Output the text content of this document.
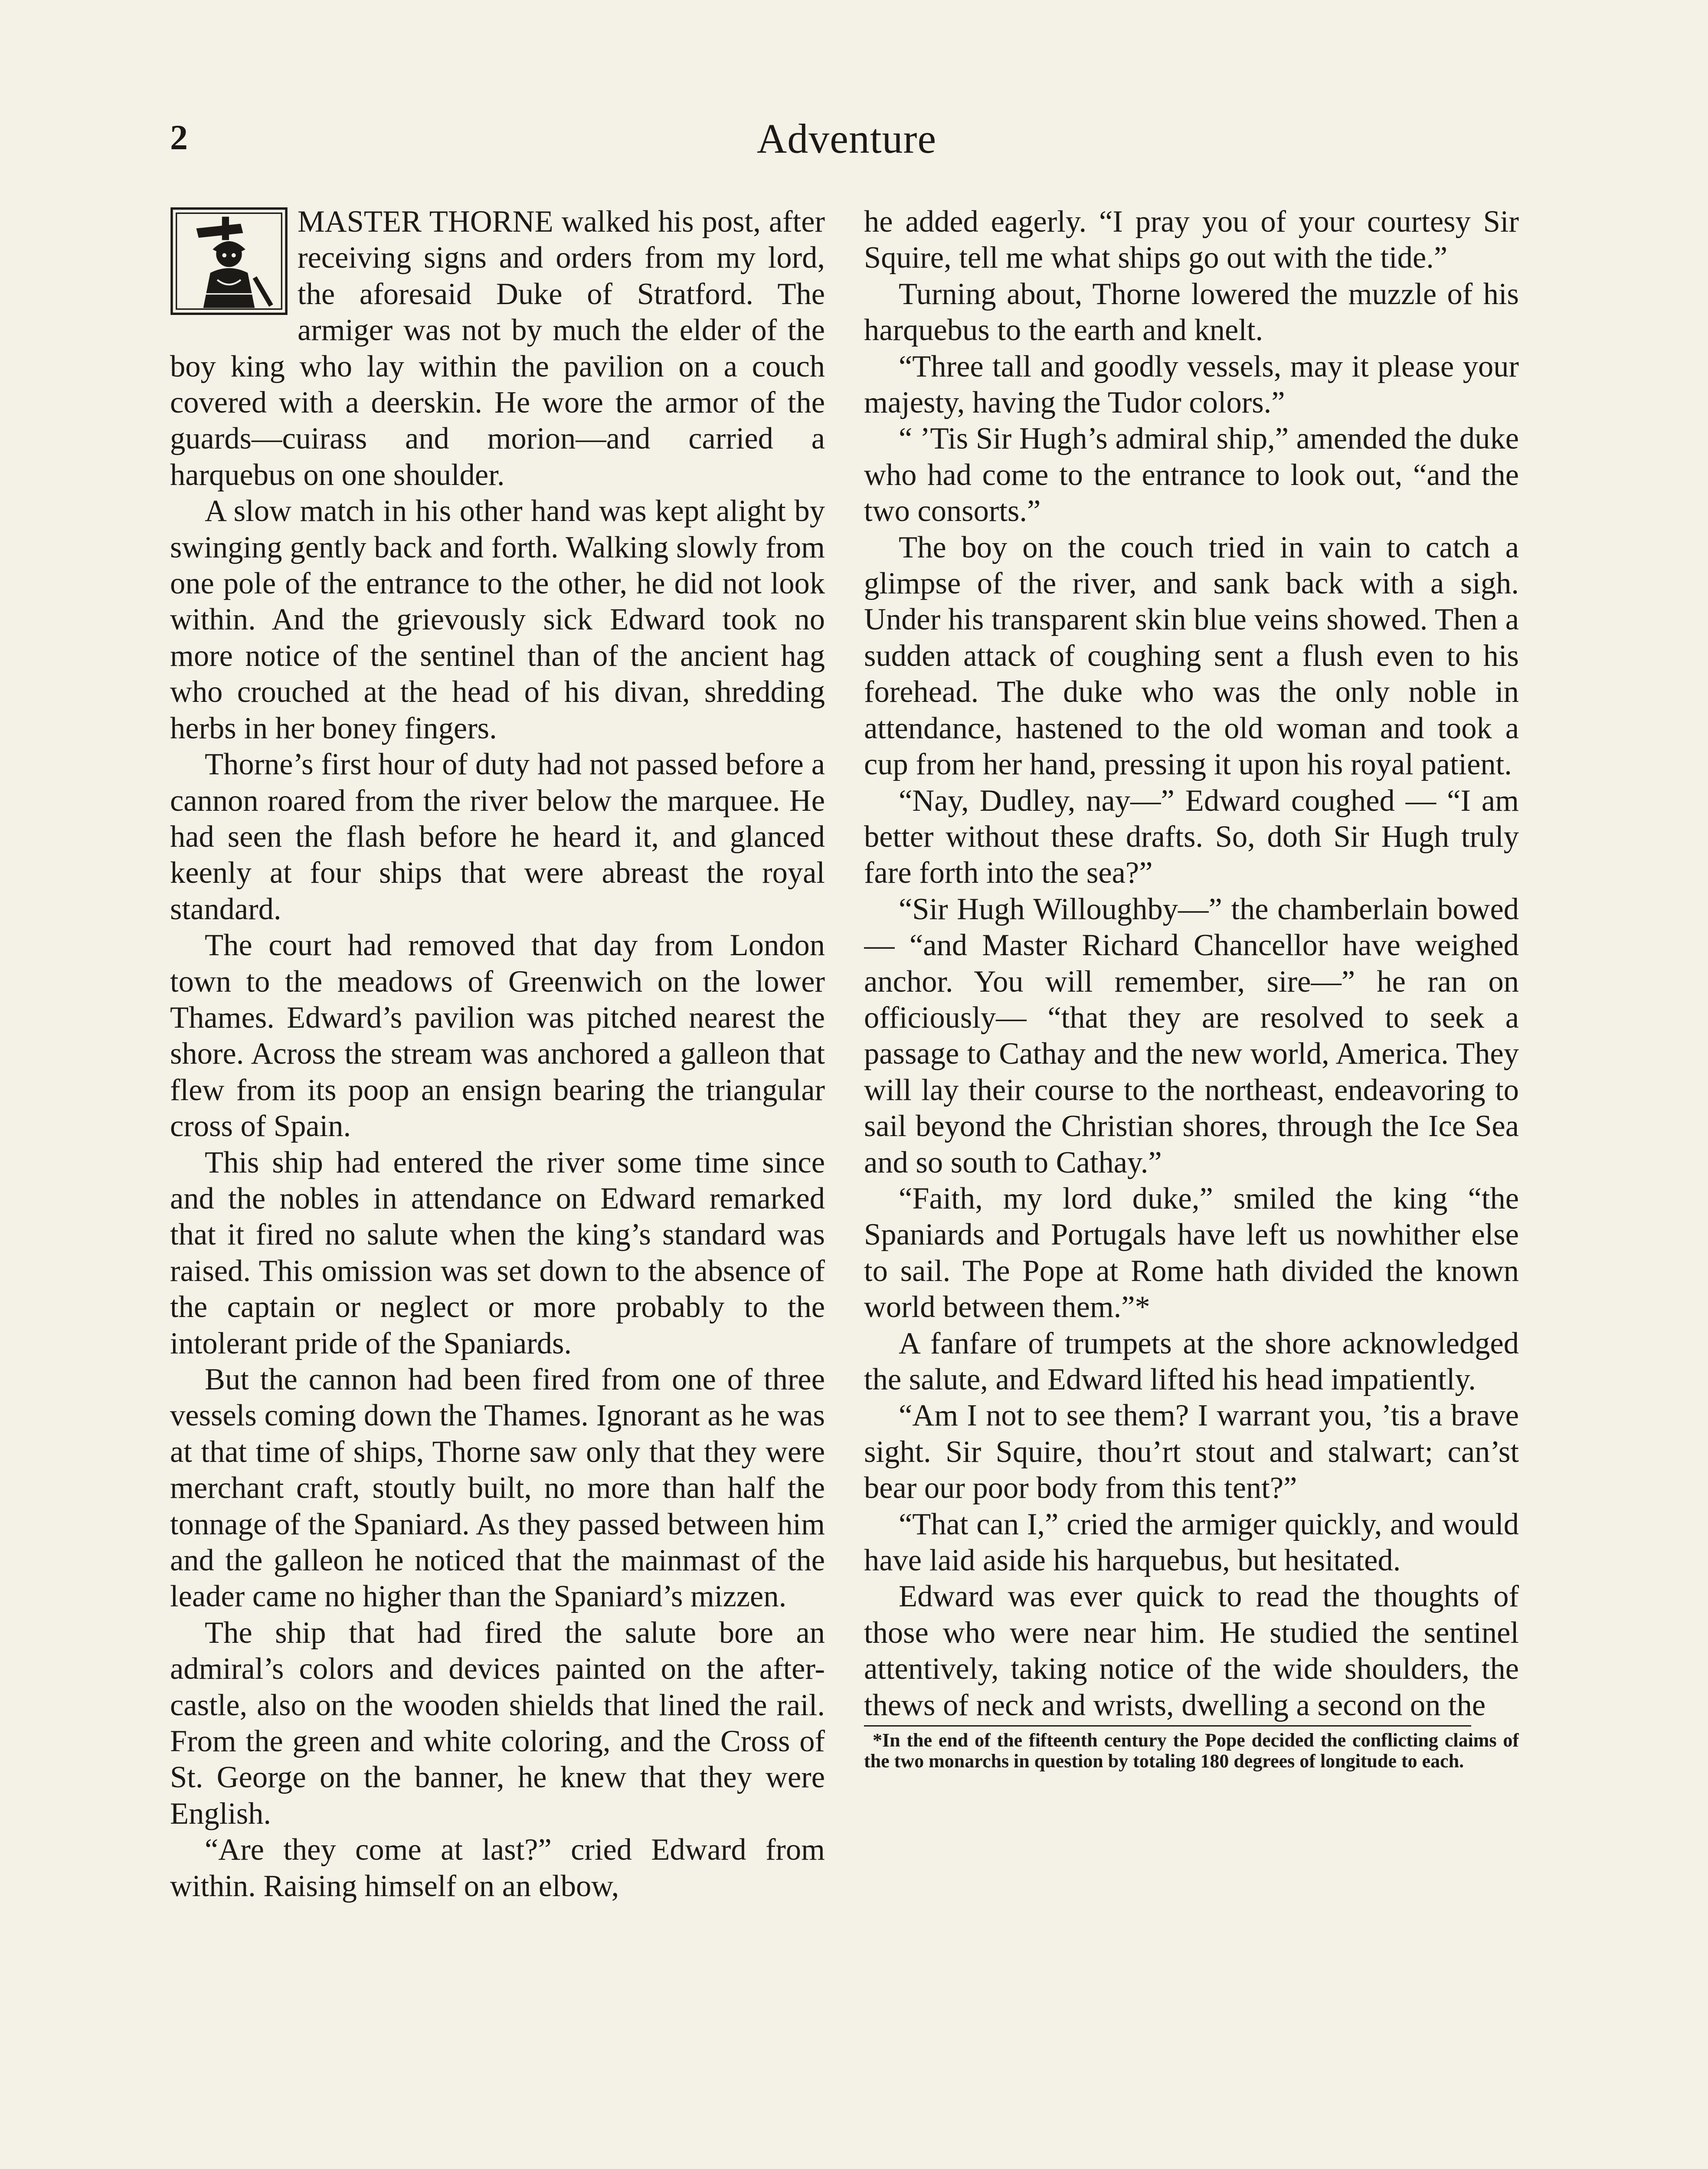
2	Adventure

MASTER THORNE walked his post, after receiving signs and orders from my lord, the aforesaid Duke of Stratford. The armiger was not by much the elder of the boy king who lay within the pavilion on a couch covered with a deerskin. He wore the armor of the guards—cuirass and morion—and carried a harquebus on one shoulder.

A slow match in his other hand was kept alight by swinging gently back and forth. Walking slowly from one pole of the entrance to the other, he did not look within. And the grievously sick Edward took no more notice of the sentinel than of the ancient hag who crouched at the head of his divan, shredding herbs in her boney fingers.

Thorne’s first hour of duty had not passed before a cannon roared from the river below the marquee. He had seen the flash before he heard it, and glanced keenly at four ships that were abreast the royal standard.

The court had removed that day from London town to the meadows of Greenwich on the lower Thames. Edward’s pavilion was pitched nearest the shore. Across the stream was anchored a galleon that flew from its poop an ensign bearing the triangular cross of Spain.

This ship had entered the river some time since and the nobles in attendance on Edward remarked that it fired no salute when the king’s standard was raised. This omission was set down to the absence of the captain or neglect or more probably to the intolerant pride of the Spaniards.

But the cannon had been fired from one of three vessels coming down the Thames. Ignorant as he was at that time of ships, Thorne saw only that they were merchant craft, stoutly built, no more than half the tonnage of the Spaniard. As they passed between him and the galleon he noticed that the mainmast of the leader came no higher than the Spaniard’s mizzen.

The ship that had fired the salute bore an admiral’s colors and devices painted on the after-castle, also on the wooden shields that lined the rail. From the green and white coloring, and the Cross of St. George on the banner, he knew that they were English.

“Are they come at last?” cried Edward from within. Raising himself on an elbow,

he added eagerly. “I pray you of your courtesy Sir Squire, tell me what ships go out with the tide.”

Turning about, Thorne lowered the muzzle of his harquebus to the earth and knelt.

“Three tall and goodly vessels, may it please your majesty, having the Tudor colors.”

“ ’Tis Sir Hugh’s admiral ship,” amended the duke who had come to the entrance to look out, “and the two consorts.”

The boy on the couch tried in vain to catch a glimpse of the river, and sank back with a sigh. Under his transparent skin blue veins showed. Then a sudden attack of coughing sent a flush even to his forehead. The duke who was the only noble in attendance, hastened to the old woman and took a cup from her hand, pressing it upon his royal patient.

“Nay, Dudley, nay—” Edward coughed — “I am better without these drafts. So, doth Sir Hugh truly fare forth into the sea?”

“Sir Hugh Willoughby—” the chamberlain bowed— “and Master Richard Chancellor have weighed anchor. You will remember, sire—” he ran on officiously— “that they are resolved to seek a passage to Cathay and the new world, America. They will lay their course to the northeast, endeavoring to sail beyond the Christian shores, through the Ice Sea and so south to Cathay.”

“Faith, my lord duke,” smiled the king “the Spaniards and Portugals have left us nowhither else to sail. The Pope at Rome hath divided the known world between them.”*

A fanfare of trumpets at the shore acknowledged the salute, and Edward lifted his head impatiently.

“Am I not to see them? I warrant you, ’tis a brave sight. Sir Squire, thou’rt stout and stalwart; can’st bear our poor body from this tent?”

“That can I,” cried the armiger quickly, and would have laid aside his harquebus, but hesitated.

Edward was ever quick to read the thoughts of those who were near him. He studied the sentinel attentively, taking notice of the wide shoulders, the thews of neck and wrists, dwelling a second on the

*In the end of the fifteenth century the Pope decided the conflicting claims of the two monarchs in question by totaling 180 degrees of longitude to each.
